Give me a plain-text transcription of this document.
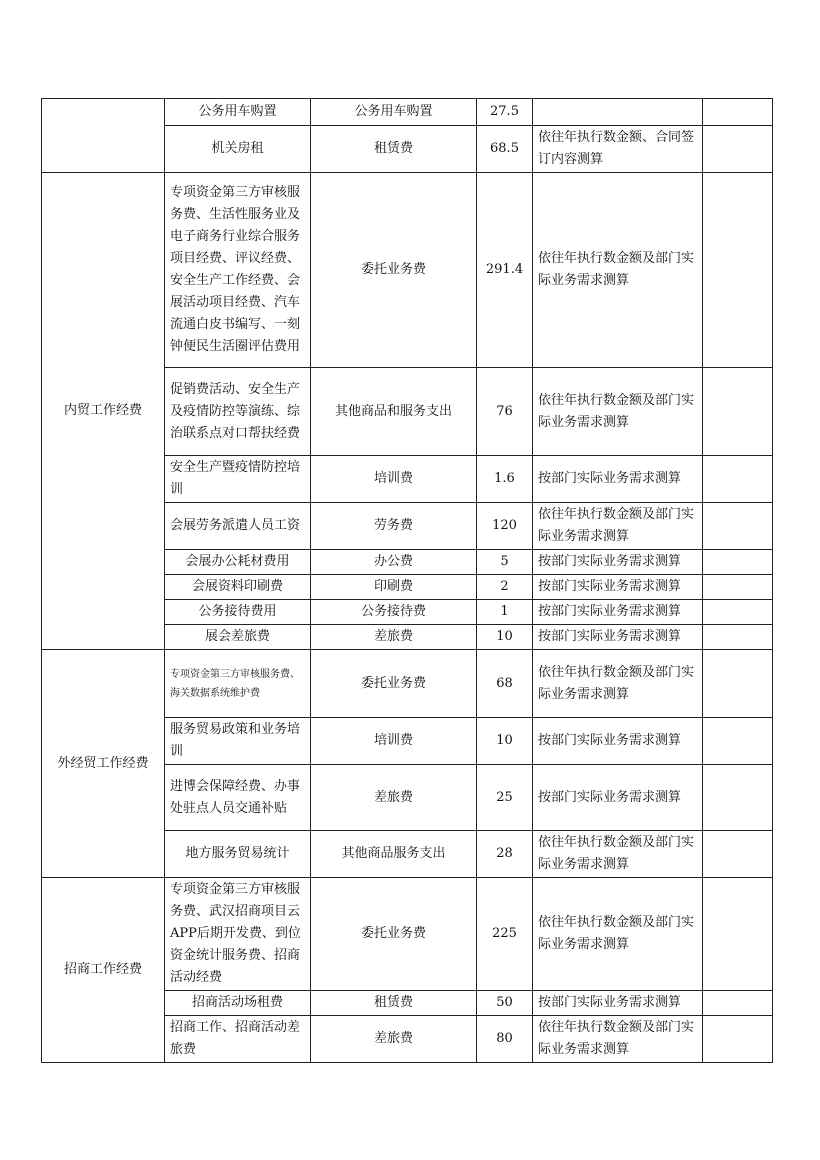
	公务用车购置	公务用车购置	27.5		
	机关房租	租赁费	68.5	依往年执行数金额、合同签订内容测算	
内贸工作经费	专项资金第三方审核服务费、生活性服务业及电子商务行业综合服务项目经费、评议经费、安全生产工作经费、会展活动项目经费、汽车流通白皮书编写、一刻钟便民生活圈评估费用	委托业务费	291.4	依往年执行数金额及部门实际业务需求测算	
	促销费活动、安全生产及疫情防控等演练、综治联系点对口帮扶经费	其他商品和服务支出	76	依往年执行数金额及部门实际业务需求测算	
	安全生产暨疫情防控培训	培训费	1.6	按部门实际业务需求测算	
	会展劳务派遣人员工资	劳务费	120	依往年执行数金额及部门实际业务需求测算	
	会展办公耗材费用	办公费	5	按部门实际业务需求测算	
	会展资料印刷费	印刷费	2	按部门实际业务需求测算	
	公务接待费用	公务接待费	1	按部门实际业务需求测算	
	展会差旅费	差旅费	10	按部门实际业务需求测算	
外经贸工作经费	专项资金第三方审核服务费、海关数据系统维护费	委托业务费	68	依往年执行数金额及部门实际业务需求测算	
	服务贸易政策和业务培训	培训费	10	按部门实际业务需求测算	
	进博会保障经费、办事处驻点人员交通补贴	差旅费	25	按部门实际业务需求测算	
	地方服务贸易统计	其他商品服务支出	28	依往年执行数金额及部门实际业务需求测算	
招商工作经费	专项资金第三方审核服务费、武汉招商项目云APP后期开发费、到位资金统计服务费、招商活动经费	委托业务费	225	依往年执行数金额及部门实际业务需求测算	
	招商活动场租费	租赁费	50	按部门实际业务需求测算	
	招商工作、招商活动差旅费	差旅费	80	依往年执行数金额及部门实际业务需求测算	
